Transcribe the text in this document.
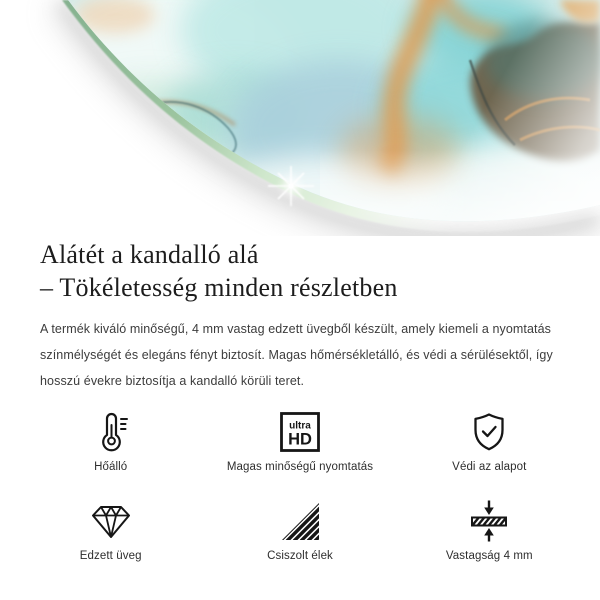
Alátét a kandalló alá
– Tökéletesség minden részletben

A termék kiváló minőségű, 4 mm vastag edzett üvegből készült, amely kiemeli a nyomtatás színmélységét és elegáns fényt biztosít. Magas hőmérsékletálló, és védi a sérülésektől, így hosszú évekre biztosítja a kandalló körüli teret.

Hőálló
ultra
HD
Magas minőségű nyomtatás	Védi az alapot
Edzett üveg	Csiszolt élek	Vastagság 4 mm
